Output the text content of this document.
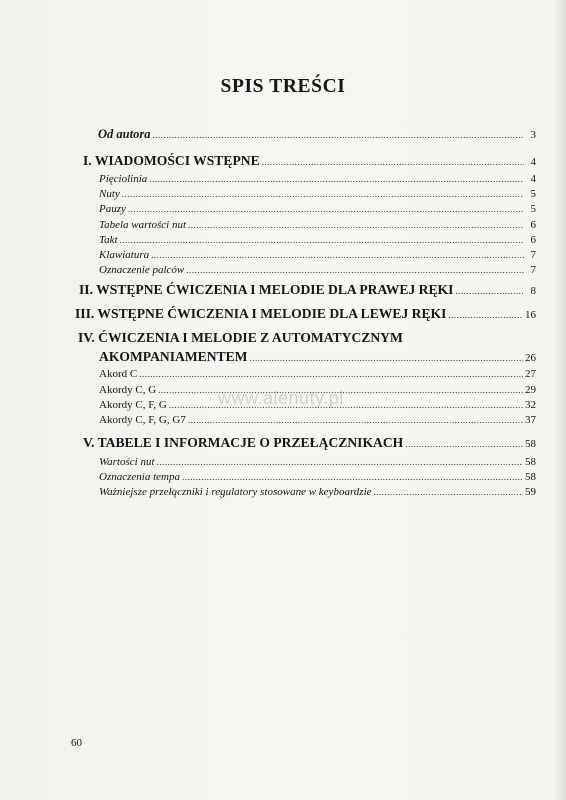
SPIS TREŚCI
Od autora .....	3
I. WIADOMOŚCI WSTĘPNE .....	4
Pięciolinia .....	4
Nuty .....	5
Pauzy .....	5
Tabela wartości nut .....	6
Takt .....	6
Klawiatura .....	7
Oznaczenie palców .....	7
II. WSTĘPNE ĆWICZENIA I MELODIE DLA PRAWEJ RĘKI .....	8
III. WSTĘPNE ĆWICZENIA I MELODIE DLA LEWEJ RĘKI .....	16
IV. ĆWICZENIA I MELODIE Z AUTOMATYCZNYM
AKOMPANIAMENTEM .....	26
Akord C .....	27
Akordy C, G .....	29
Akordy C, F, G .....	32
Akordy C, F, G, G7 .....	37
V. TABELE I INFORMACJE O PRZEŁĄCZNIKACH .....	58
Wartości nut .....	58
Oznaczenia tempa .....	58
Ważniejsze przełączniki i regulatory stosowane w keyboardzie .....	59
www.alenuty.pl
60
